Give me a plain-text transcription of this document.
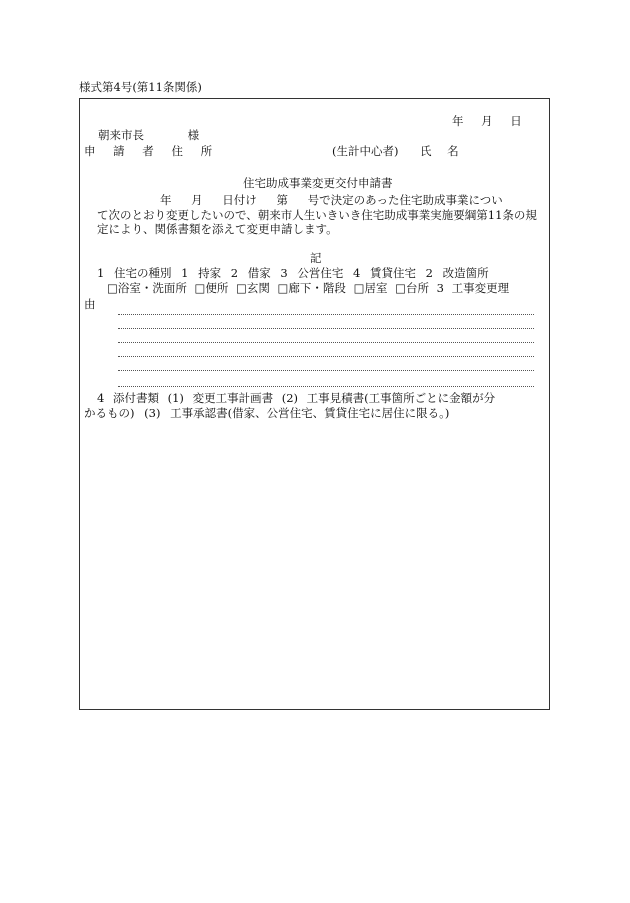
様式第4号(第11条関係)
年 月 日
朝来市長 様
申 請 者 住 所	(生計中心者) 氏 名
住宅助成事業変更交付申請書
年 月 日付け 第 号で決定のあった住宅助成事業につい
て次のとおり変更したいので、朝来市人生いきいき住宅助成事業実施要綱第11条の規
定により、関係書類を添えて変更申請します。
記
1 住宅の種別 1 持家 2 借家 3 公営住宅 4 賃貸住宅 2 改造箇所
□浴室・洗面所 □便所 □玄関 □廊下・階段 □居室 □台所 3 工事変更理
由
4 添付書類 (1) 変更工事計画書 (2) 工事見積書(工事箇所ごとに金額が分
かるもの) (3) 工事承認書(借家、公営住宅、賃貸住宅に居住に限る。)
